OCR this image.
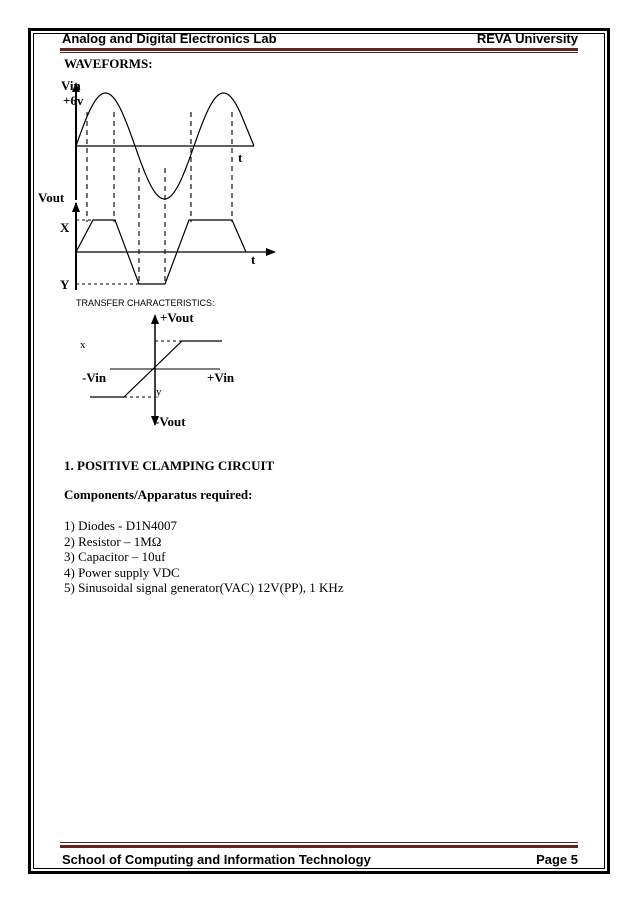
Analog and Digital Electronics Lab	REVA University
WAVEFORMS:
Vin
+6v
t
Vout
X
t
Y
TRANSFER CHARACTERISTICS:
+Vout
x
-Vin	+Vin
y
-Vout
1. POSITIVE CLAMPING CIRCUIT
Components/Apparatus required:
1) Diodes - D1N4007
2) Resistor – 1MΩ
3) Capacitor – 10uf
4) Power supply VDC
5) Sinusoidal signal generator(VAC) 12V(PP), 1 KHz
School of Computing and Information Technology	Page 5
